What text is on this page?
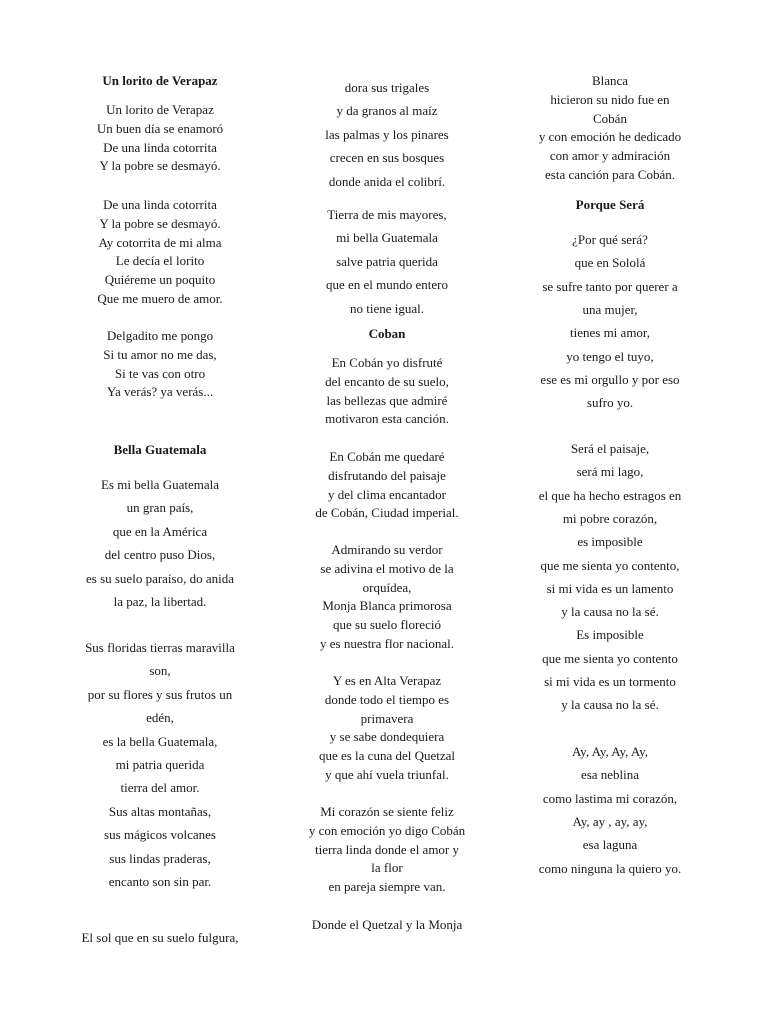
Un lorito de Verapaz

Un lorito de Verapaz

Un buen día se enamoró

De una linda cotorrita

Y la pobre se desmayó.

De una linda cotorrita

Y la pobre se desmayó.

Ay cotorrita de mi alma

Le decía el lorito

Quiéreme un poquito

Que me muero de amor.

Delgadito me pongo

Si tu amor no me das,

Si te vas con otro

Ya verás? ya verás...

Bella Guatemala

Es mi bella Guatemala

un gran país,

que en la América

del centro puso Dios,

es su suelo paraíso, do anida

la paz, la libertad.

Sus floridas tierras maravilla

son,

por su flores y sus frutos un

edén,

es la bella Guatemala,

mi patria querida

tierra del amor.

Sus altas montañas,

sus mágicos volcanes

sus lindas praderas,

encanto son sin par.

El sol que en su suelo fulgura,

dora sus trigales

y da granos al maíz

las palmas y los pinares

crecen en sus bosques

donde anida el colibrí.

Tierra de mis mayores,

mi bella Guatemala

salve patria querida

que en el mundo entero

no tiene igual.

Coban

En Cobán yo disfruté

del encanto de su suelo,

las bellezas que admiré

motivaron esta canción.

En Cobán me quedaré

disfrutando del paisaje

y del clima encantador

de Cobán, Ciudad imperial.

Admirando su verdor

se adivina el motivo de la

orquídea,

Monja Blanca primorosa

que su suelo floreció

y es nuestra flor nacional.

Y es en Alta Verapaz

donde todo el tiempo es

primavera

y se sabe dondequiera

que es la cuna del Quetzal

y que ahí vuela triunfal.

Mi corazón se siente feliz

y con emoción yo digo Cobán

tierra linda donde el amor y

la flor

en pareja siempre van.

Donde el Quetzal y la Monja

Blanca

hicieron su nido fue en

Cobán

y con emoción he dedicado

con amor y admiración

esta canción para Cobán.

Porque Será

¿Por qué será?

que en Sololá

se sufre tanto por querer a

una mujer,

tienes mi amor,

yo tengo el tuyo,

ese es mi orgullo y por eso

sufro yo.

Será el paisaje,

será mi lago,

el que ha hecho estragos en

mi pobre corazón,

es imposible

que me sienta yo contento,

si mi vida es un lamento

y la causa no la sé.

Es imposible

que me sienta yo contento

si mi vida es un tormento

y la causa no la sé.

Ay, Ay, Ay, Ay,

esa neblina

como lastima mi corazón,

Ay, ay , ay, ay,

esa laguna

como ninguna la quiero yo.
